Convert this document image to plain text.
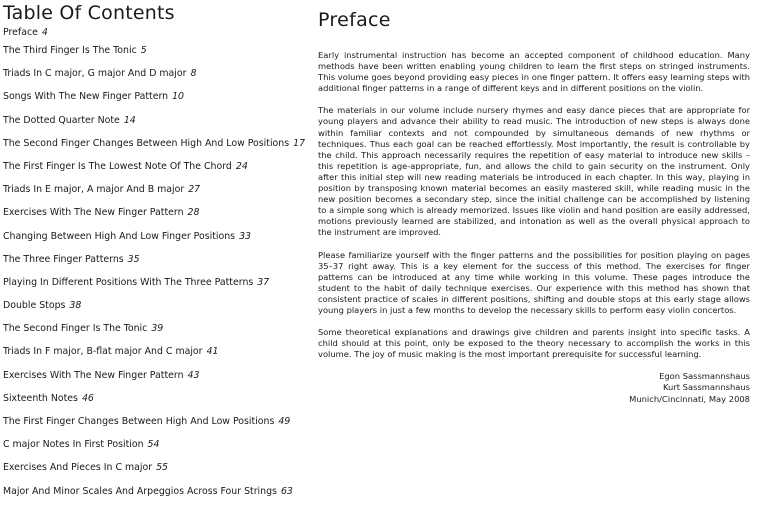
Table Of Contents
Preface 4
The Third Finger Is The Tonic 5
Triads In C major, G major And D major 8
Songs With The New Finger Pattern 10
The Dotted Quarter Note 14
The Second Finger Changes Between High And Low Positions 17
The First Finger Is The Lowest Note Of The Chord 24
Triads In E major, A major And B major 27
Exercises With The New Finger Pattern 28
Changing Between High And Low Finger Positions 33
The Three Finger Patterns 35
Playing In Different Positions With The Three Patterns 37
Double Stops 38
The Second Finger Is The Tonic 39
Triads In F major, B-flat major And C major 41
Exercises With The New Finger Pattern 43
Sixteenth Notes 46
The First Finger Changes Between High And Low Positions 49
C major Notes In First Position 54
Exercises And Pieces In C major 55
Major And Minor Scales And Arpeggios Across Four Strings 63
Preface

Early instrumental instruction has become an accepted component of childhood education. Many methods have been written enabling young children to learn the first steps on stringed instruments. This volume goes beyond providing easy pieces in one finger pattern. It offers easy learning steps with additional finger patterns in a range of different keys and in different positions on the violin.

The materials in our volume include nursery rhymes and easy dance pieces that are appropriate for young players and advance their ability to read music. The introduction of new steps is always done within familiar contexts and not compounded by simultaneous demands of new rhythms or techniques. Thus each goal can be reached effortlessly. Most importantly, the result is controllable by the child. This approach necessarily requires the repetition of easy material to introduce new skills – this repetition is age-appropriate, fun, and allows the child to gain security on the instrument. Only after this initial step will new reading materials be introduced in each chapter. In this way, playing in position by transposing known material becomes an easily mastered skill, while reading music in the new position becomes a secondary step, since the initial challenge can be accomplished by listening to a simple song which is already memorized. Issues like violin and hand position are easily addressed, motions previously learned are stabilized, and intonation as well as the overall physical approach to the instrument are improved.

Please familiarize yourself with the finger patterns and the possibilities for position playing on pages 35–37 right away. This is a key element for the success of this method. The exercises for finger patterns can be introduced at any time while working in this volume. These pages introduce the student to the habit of daily technique exercises. Our experience with this method has shown that consistent practice of scales in different positions, shifting and double stops at this early stage allows young players in just a few months to develop the necessary skills to perform easy violin concertos.

Some theoretical explanations and drawings give children and parents insight into specific tasks. A child should at this point, only be exposed to the theory necessary to accomplish the works in this volume. The joy of music making is the most important prerequisite for successful learning.

Egon Sassmannshaus
Kurt Sassmannshaus
Munich/Cincinnati, May 2008
